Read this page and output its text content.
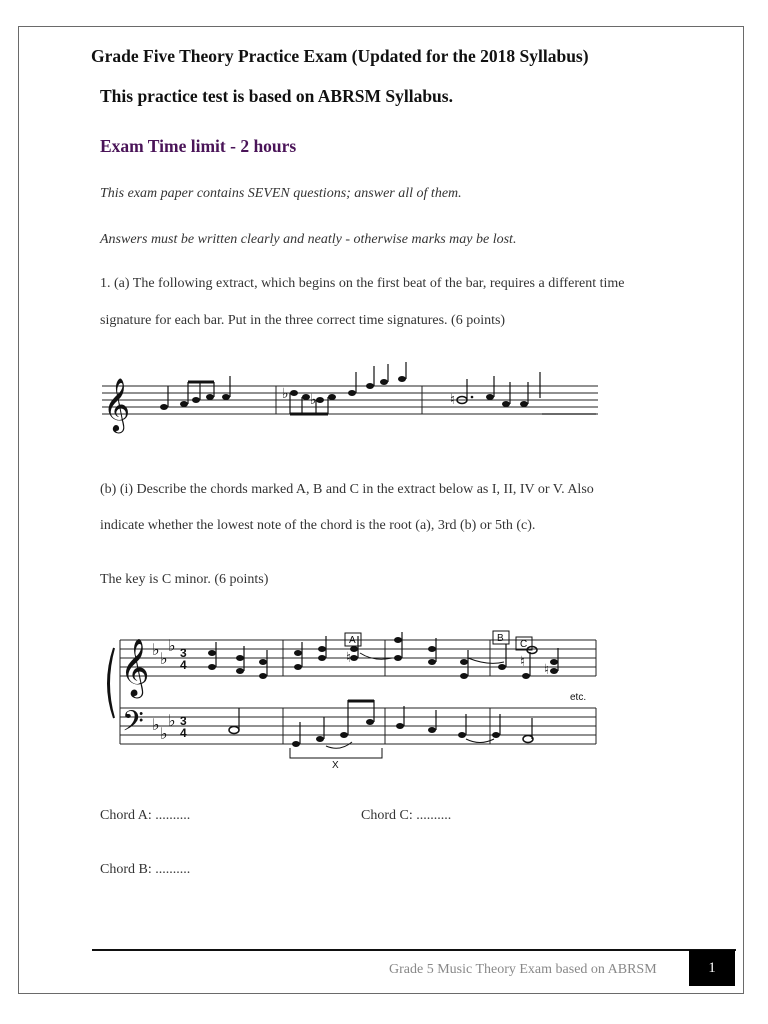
Grade Five Theory Practice Exam (Updated for the 2018 Syllabus)
This practice test is based on ABRSM Syllabus.
Exam Time limit - 2 hours
This exam paper contains SEVEN questions; answer all of them.
Answers must be written clearly and neatly - otherwise marks may be lost.
1. (a) The following extract, which begins on the first beat of the bar, requires a different time
signature for each bar. Put in the three correct time signatures. (6 points)
𝄞	♭ ♭	♮
(b) (i) Describe the chords marked A, B and C in the extract below as I, II, IV or V. Also
indicate whether the lowest note of the chord is the root (a), 3rd (b) or 5th (c).
The key is C minor. (6 points)
𝄞
𝄢
♭
♭
♭
♭
♭
♭
3
4
3
4
♮
♮
♮
A	B
C
etc.
X
Chord A: ..........	Chord C: ..........
Chord B: ..........
Grade 5 Music Theory Exam based on ABRSM	1
